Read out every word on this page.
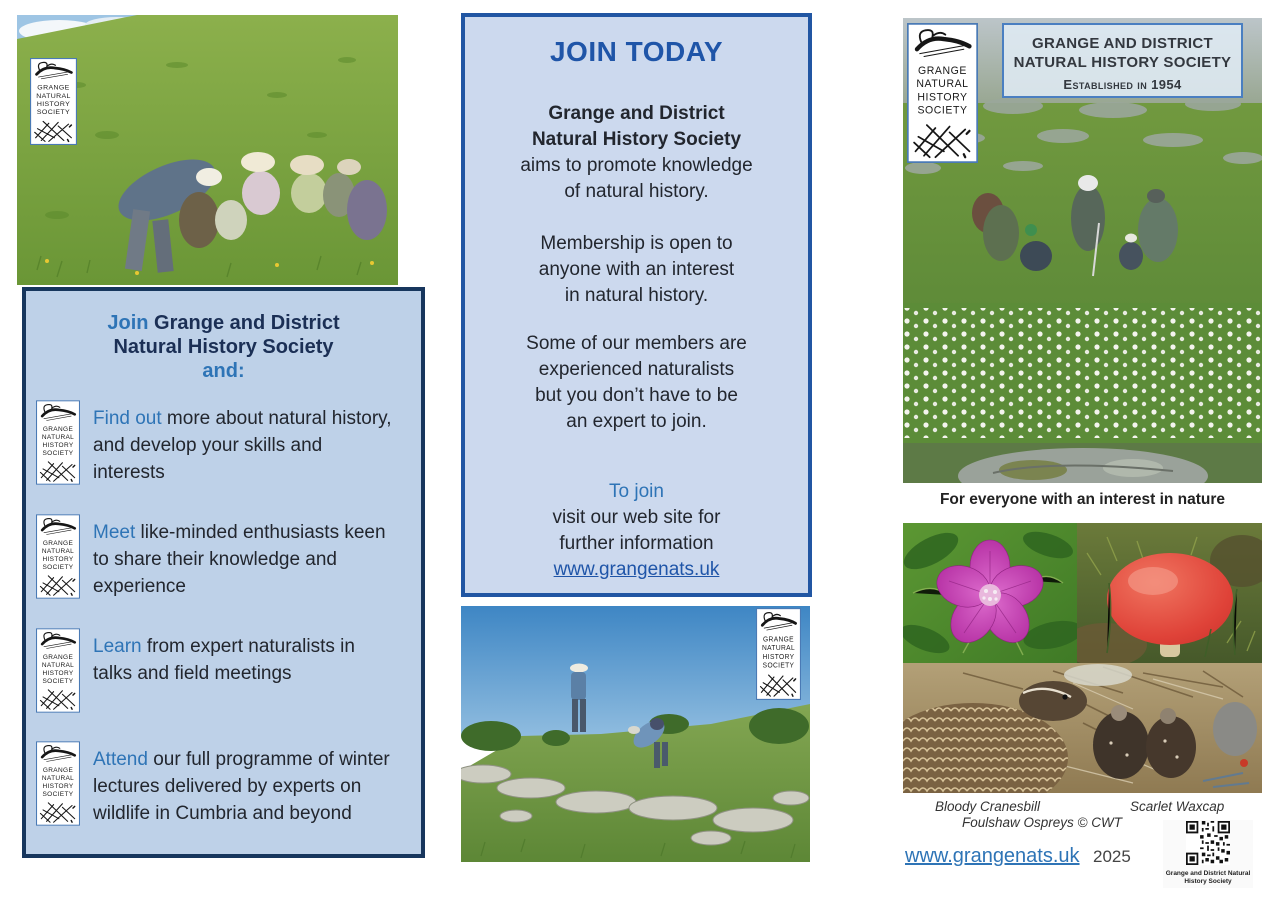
Join Grange and District
Natural History Society
and:
Find out more about natural history, and develop your skills and interests
Meet like-minded enthusiasts keen to share their knowledge and experience
Learn from expert naturalists in talks and field meetings
Attend our full programme of winter lectures delivered by experts on wildlife in Cumbria and beyond
JOIN TODAY
Grange and District
Natural History Society
aims to promote knowledge
of natural history.
Membership is open to
anyone with an interest
in natural history.
Some of our members are
experienced naturalists
but you don’t have to be
an expert to join.
To join
visit our web site for
further information
www.grangenats.uk
GRANGE AND DISTRICT
NATURAL HISTORY SOCIETY
Established in 1954
For everyone with an interest in nature
Bloody Cranesbill	Scarlet Waxcap
Foulshaw Ospreys © CWT
www.grangenats.uk 2025
Grange and District Natural
History Society
